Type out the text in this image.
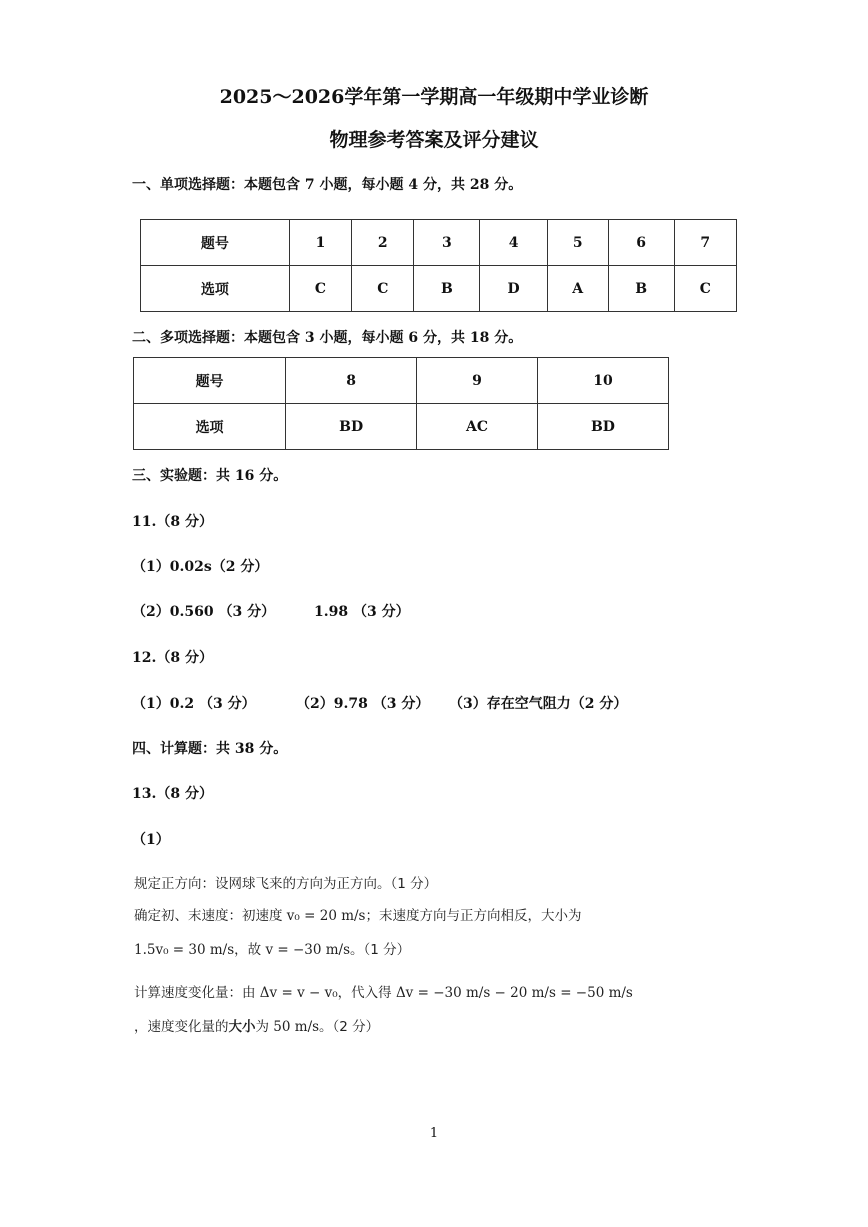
2025～2026学年第一学期高一年级期中学业诊断
物理参考答案及评分建议
一、单项选择题：本题包含 7 小题，每小题 4 分，共 28 分。
题号	1	2	3	4	5	6	7
选项	C	C	B	D	A	B	C
二、多项选择题：本题包含 3 小题，每小题 6 分，共 18 分。
题号	8	9	10
选项	BD	AC	BD
三、实验题：共 16 分。
11.（8 分）
（1）0.02s（2 分）
（2）0.560 （3 分）	1.98 （3 分）
12.（8 分）
（1）0.2 （3 分）	（2）9.78 （3 分） （3）存在空气阻力（2 分）
四、计算题：共 38 分。
13.（8 分）
（1）
规定正方向：设网球飞来的方向为正方向。（1 分）
确定初、末速度：初速度 v₀ = 20 m/s；末速度方向与正方向相反，大小为
1.5v₀ = 30 m/s，故 v = −30 m/s。（1 分）
计算速度变化量：由 Δv = v − v₀，代入得 Δv = −30 m/s − 20 m/s = −50 m/s
，速度变化量的大小为 50 m/s。（2 分）
1
